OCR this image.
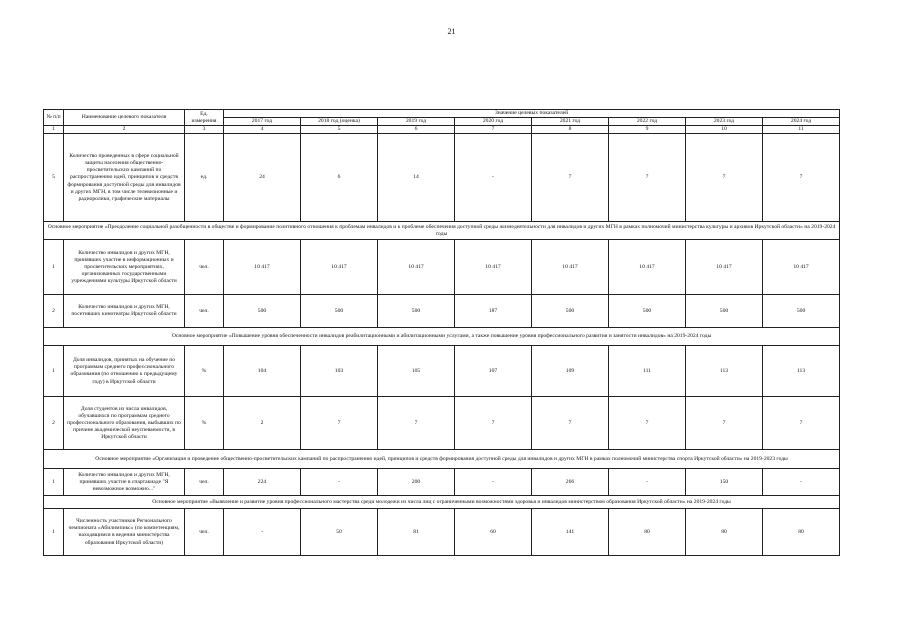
21
№ п/п	Наименование целевого показателя	Ед. измерения	Значение целевых показателей							
			2017 год	2018 год (оценка)	2019 год	2020 год	2021 год	2022 год	2023 год	2024 год
1	2	3	4	5	6	7	8	9	10	11
5	Количество проведенных в сфере социальной защиты населения общественно-просветительских кампаний по распространению идей, принципов и средств формирования доступной среды для инвалидов и других МГН, в том числе телевизионные и радиоролики, графические материалы	ед.	24	6	14	-	7	7	7	7
Основное мероприятие «Преодоление социальной разобщенности в обществе и формирование позитивного отношения к проблемам инвалидов и к проблеме обеспечения доступной среды жизнедеятельности для инвалидов и других МГН в рамках полномочий министерства культуры и архивов Иркутской области» на 2019-2024 годы										
1	Количество инвалидов и других МГН, принявших участие в информационных и просветительских мероприятиях, организованных государственными учреждениями культуры Иркутской области	чел.	10 417	10 417	10 417	10 417	10 417	10 417	10 417	10 417
2	Количество инвалидов и других МГН, посетивших кинотеатры Иркутской области	чел.	500	500	500	187	500	500	500	500
Основное мероприятие «Повышение уровня обеспеченности инвалидов реабилитационными и абилитационными услугами, а также повышение уровня профессионального развития и занятости инвалидов» на 2019-2024 годы										
1	Доля инвалидов, принятых на обучение по программам среднего профессионального образования (по отношению к предыдущему году) в Иркутской области	%	104	103	105	107	109	111	113	113
2	Доля студентов из числа инвалидов, обучавшихся по программам среднего профессионального образования, выбывших по причине академической неуспеваемости, в Иркутской области	%	2	7	7	7	7	7	7	7
Основное мероприятие «Организация и проведение общественно-просветительских кампаний по распространению идей, принципов и средств формирования доступной среды для инвалидов и других МГН в рамках полномочий министерства спорта Иркутской области» на 2019-2023 годы										
1	Количество инвалидов и других МГН, принявших участие в спартакиаде "Я невозможное возможно..."	чел.	224	-	200	-	266	-	150	-
Основное мероприятие «Выявление и развитие уровня профессионального мастерства среди молодежи из числа лиц с ограниченными возможностями здоровья и инвалидов министерством образования Иркутской области» на 2019-2024 годы										
1	Численность участников Регионального чемпионата «Абилимпикс» (по компетенциям, находящимся в ведении министерства образования Иркутской области)	чел.	-	50	81	60	141	80	80	80
